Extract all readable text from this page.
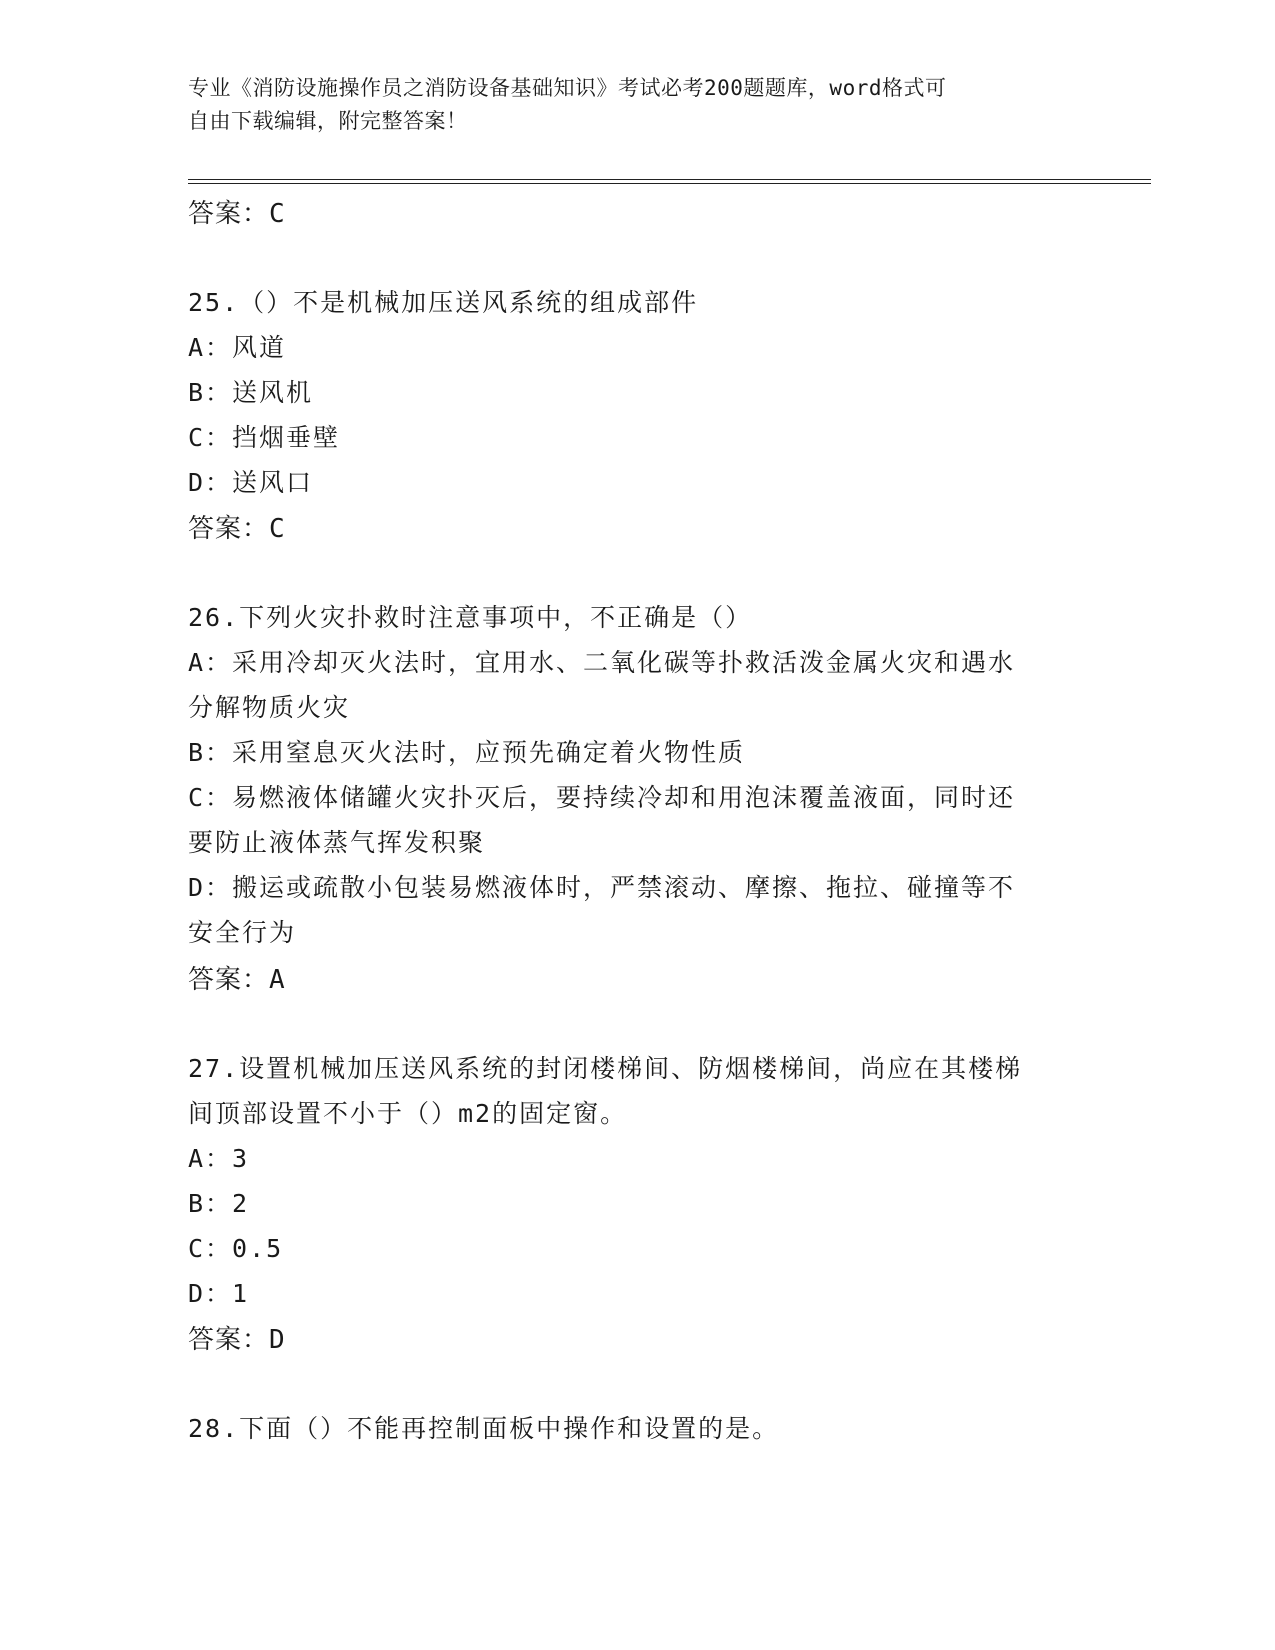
专业《消防设施操作员之消防设备基础知识》考试必考200题题库，word格式可

自由下载编辑，附完整答案！

答案：C

25.（）不是机械加压送风系统的组成部件

A：风道

B：送风机

C：挡烟垂壁

D：送风口

答案：C

26.下列火灾扑救时注意事项中，不正确是（）

A：采用冷却灭火法时，宜用水、二氧化碳等扑救活泼金属火灾和遇水

分解物质火灾

B：采用窒息灭火法时，应预先确定着火物性质

C：易燃液体储罐火灾扑灭后，要持续冷却和用泡沫覆盖液面，同时还

要防止液体蒸气挥发积聚

D：搬运或疏散小包装易燃液体时，严禁滚动、摩擦、拖拉、碰撞等不

安全行为

答案：A

27.设置机械加压送风系统的封闭楼梯间、防烟楼梯间，尚应在其楼梯

间顶部设置不小于（）m2的固定窗。

A：3

B：2

C：0.5

D：1

答案：D

28.下面（）不能再控制面板中操作和设置的是。
